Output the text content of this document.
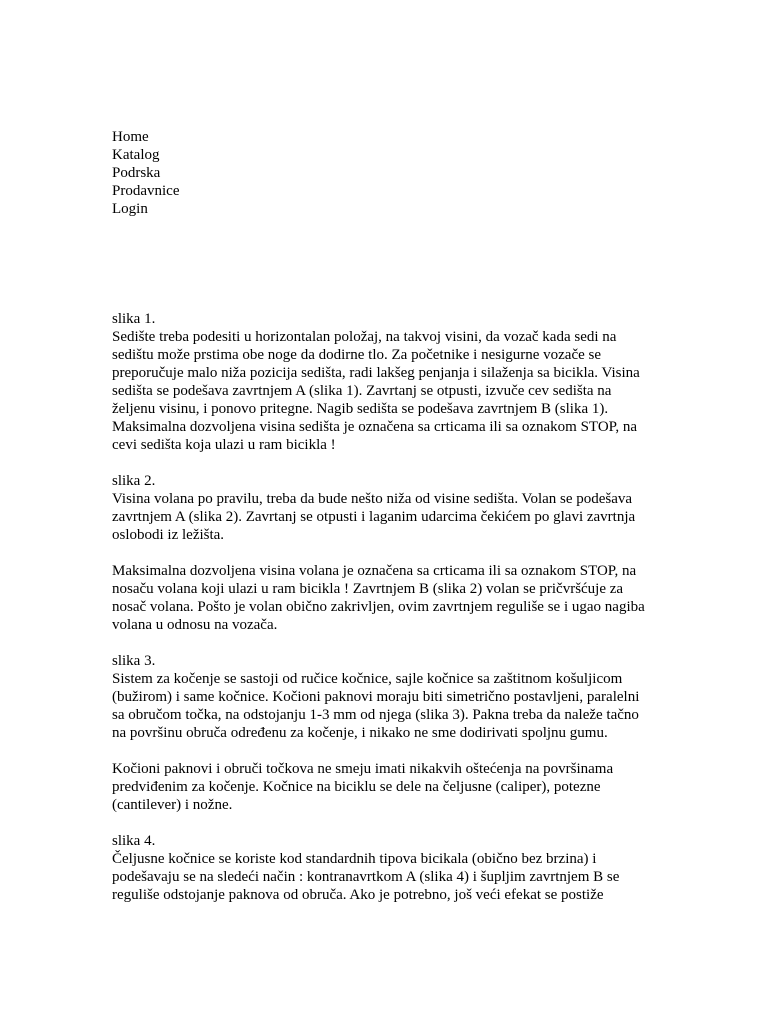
Home
Katalog
Podrska
Prodavnice
Login
slika 1.

Sedište treba podesiti u horizontalan položaj, na takvoj visini, da vozač kada sedi na
sedištu može prstima obe noge da dodirne tlo. Za početnike i nesigurne vozače se
preporučuje malo niža pozicija sedišta, radi lakšeg penjanja i silaženja sa bicikla. Visina
sedišta se podešava zavrtnjem A (slika 1). Zavrtanj se otpusti, izvuče cev sedišta na
željenu visinu, i ponovo pritegne. Nagib sedišta se podešava zavrtnjem B (slika 1).
Maksimalna dozvoljena visina sedišta je označena sa crticama ili sa oznakom STOP, na
cevi sedišta koja ulazi u ram bicikla !

slika 2.

Visina volana po pravilu, treba da bude nešto niža od visine sedišta. Volan se podešava
zavrtnjem A (slika 2). Zavrtanj se otpusti i laganim udarcima čekićem po glavi zavrtnja
oslobodi iz ležišta.

Maksimalna dozvoljena visina volana je označena sa crticama ili sa oznakom STOP, na
nosaču volana koji ulazi u ram bicikla ! Zavrtnjem B (slika 2) volan se pričvršćuje za
nosač volana. Pošto je volan obično zakrivljen, ovim zavrtnjem reguliše se i ugao nagiba
volana u odnosu na vozača.

slika 3.

Sistem za kočenje se sastoji od ručice kočnice, sajle kočnice sa zaštitnom košuljicom
(bužirom) i same kočnice. Kočioni paknovi moraju biti simetrično postavljeni, paralelni
sa obručom točka, na odstojanju 1-3 mm od njega (slika 3). Pakna treba da naleže tačno
na površinu obruča određenu za kočenje, i nikako ne sme dodirivati spoljnu gumu.

Kočioni paknovi i obruči točkova ne smeju imati nikakvih oštećenja na površinama
predviđenim za kočenje. Kočnice na biciklu se dele na čeljusne (caliper), potezne
(cantilever) i nožne.

slika 4.

Čeljusne kočnice se koriste kod standardnih tipova bicikala (obično bez brzina) i
podešavaju se na sledeći način : kontranavrtkom A (slika 4) i šupljim zavrtnjem B se
reguliše odstojanje paknova od obruča. Ako je potrebno, još veći efekat se postiže
